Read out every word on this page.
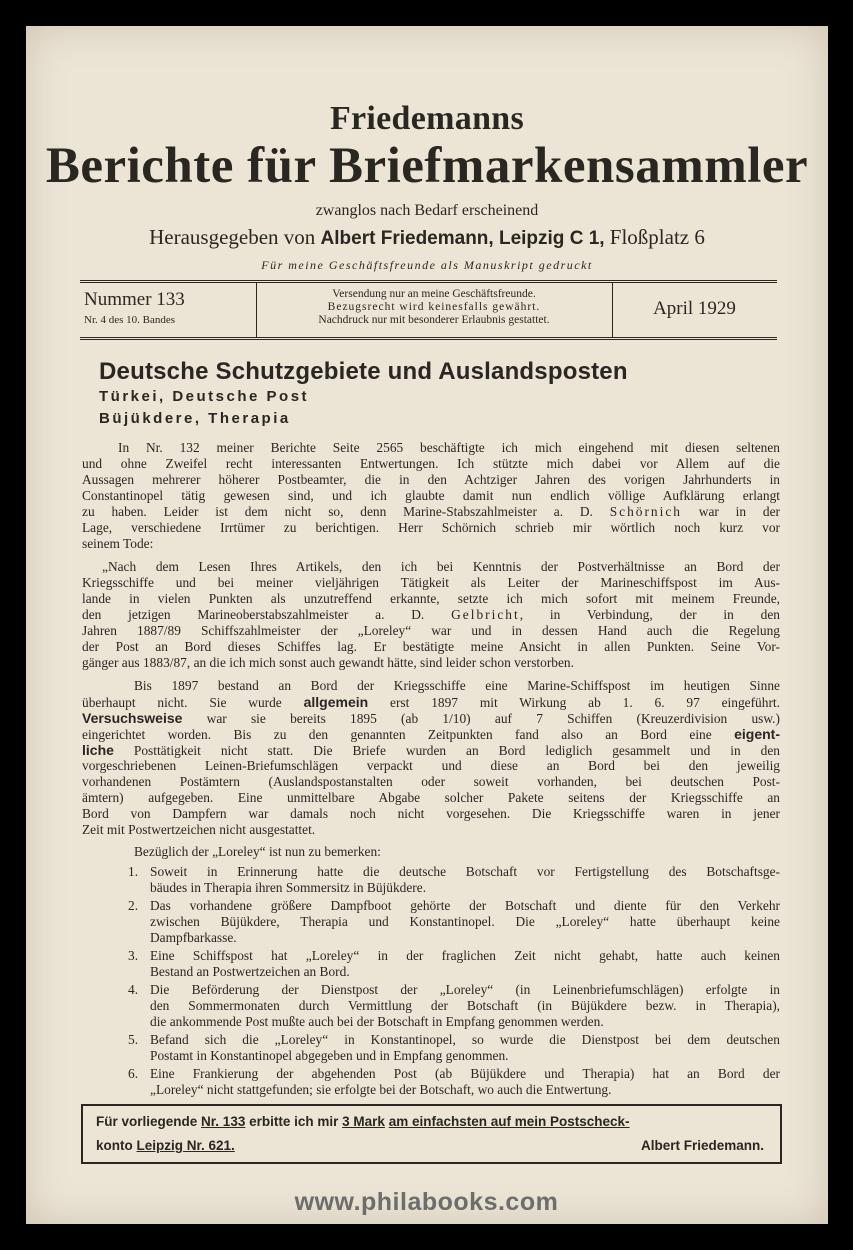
Friedemanns
Berichte für Briefmarkensammler
zwanglos nach Bedarf erscheinend
Herausgegeben von Albert Friedemann, Leipzig C 1, Floßplatz 6
Für meine Geschäftsfreunde als Manuskript gedruckt
Nummer 133
Nr. 4 des 10. Bandes
Versendung nur an meine Geschäftsfreunde.
Bezugsrecht wird keinesfalls gewährt.
Nachdruck nur mit besonderer Erlaubnis gestattet.
April 1929
Deutsche Schutzgebiete und Auslandsposten
Türkei, Deutsche Post
Büjükdere, Therapia
In Nr. 132 meiner Berichte Seite 2565 beschäftigte ich mich eingehend mit diesen seltenen
und ohne Zweifel recht interessanten Entwertungen. Ich stützte mich dabei vor Allem auf die
Aussagen mehrerer höherer Postbeamter, die in den Achtziger Jahren des vorigen Jahrhunderts in
Constantinopel tätig gewesen sind, und ich glaubte damit nun endlich völlige Aufklärung erlangt
zu haben. Leider ist dem nicht so, denn Marine-Stabszahlmeister a. D. Schörnich war in der
Lage, verschiedene Irrtümer zu berichtigen. Herr Schörnich schrieb mir wörtlich noch kurz vor
seinem Tode:
„Nach dem Lesen Ihres Artikels, den ich bei Kenntnis der Postverhältnisse an Bord der
Kriegsschiffe und bei meiner vieljährigen Tätigkeit als Leiter der Marineschiffspost im Aus-
lande in vielen Punkten als unzutreffend erkannte, setzte ich mich sofort mit meinem Freunde,
den jetzigen Marineoberstabszahlmeister a. D. Gelbricht, in Verbindung, der in den
Jahren 1887/89 Schiffszahlmeister der „Loreley“ war und in dessen Hand auch die Regelung
der Post an Bord dieses Schiffes lag. Er bestätigte meine Ansicht in allen Punkten. Seine Vor-
gänger aus 1883/87, an die ich mich sonst auch gewandt hätte, sind leider schon verstorben.
Bis 1897 bestand an Bord der Kriegsschiffe eine Marine-Schiffspost im heutigen Sinne
überhaupt nicht. Sie wurde allgemein erst 1897 mit Wirkung ab 1. 6. 97 eingeführt.
Versuchsweise war sie bereits 1895 (ab 1/10) auf 7 Schiffen (Kreuzerdivision usw.)
eingerichtet worden. Bis zu den genannten Zeitpunkten fand also an Bord eine eigent-
liche Posttätigkeit nicht statt. Die Briefe wurden an Bord lediglich gesammelt und in den
vorgeschriebenen Leinen-Briefumschlägen verpackt und diese an Bord bei den jeweilig
vorhandenen Postämtern (Auslandspostanstalten oder soweit vorhanden, bei deutschen Post-
ämtern) aufgegeben. Eine unmittelbare Abgabe solcher Pakete seitens der Kriegsschiffe an
Bord von Dampfern war damals noch nicht vorgesehen. Die Kriegsschiffe waren in jener
Zeit mit Postwertzeichen nicht ausgestattet.
Bezüglich der „Loreley“ ist nun zu bemerken:
1. Soweit in Erinnerung hatte die deutsche Botschaft vor Fertigstellung des Botschaftsge-
bäudes in Therapia ihren Sommersitz in Büjükdere.
2. Das vorhandene größere Dampfboot gehörte der Botschaft und diente für den Verkehr
zwischen Büjükdere, Therapia und Konstantinopel. Die „Loreley“ hatte überhaupt keine
Dampfbarkasse.
3. Eine Schiffspost hat „Loreley“ in der fraglichen Zeit nicht gehabt, hatte auch keinen
Bestand an Postwertzeichen an Bord.
4. Die Beförderung der Dienstpost der „Loreley“ (in Leinenbriefumschlägen) erfolgte in
den Sommermonaten durch Vermittlung der Botschaft (in Büjükdere bezw. in Therapia),
die ankommende Post mußte auch bei der Botschaft in Empfang genommen werden.
5. Befand sich die „Loreley“ in Konstantinopel, so wurde die Dienstpost bei dem deutschen
Postamt in Konstantinopel abgegeben und in Empfang genommen.
6. Eine Frankierung der abgehenden Post (ab Büjükdere und Therapia) hat an Bord der
„Loreley“ nicht stattgefunden; sie erfolgte bei der Botschaft, wo auch die Entwertung.
Für vorliegende Nr. 133 erbitte ich mir 3 Mark am einfachsten auf mein Postscheck-
konto Leipzig Nr. 621.	Albert Friedemann.
www.philabooks.com
